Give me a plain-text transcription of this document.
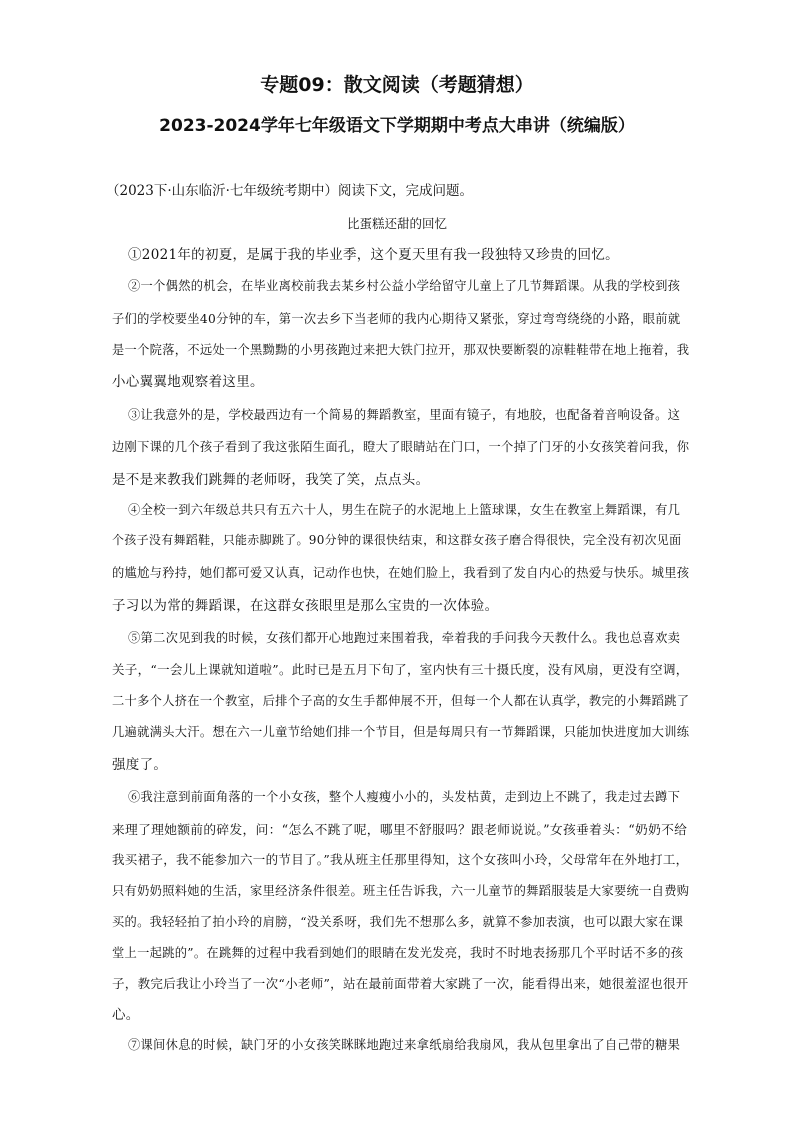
专题09：散文阅读（考题猜想）
2023-2024学年七年级语文下学期期中考点大串讲（统编版）
（2023下·山东临沂·七年级统考期中）阅读下文，完成问题。
比蛋糕还甜的回忆
①2021年的初夏，是属于我的毕业季，这个夏天里有我一段独特又珍贵的回忆。
②一个偶然的机会，在毕业离校前我去某乡村公益小学给留守儿童上了几节舞蹈课。从我的学校到孩
子们的学校要坐40分钟的车，第一次去乡下当老师的我内心期待又紧张，穿过弯弯绕绕的小路，眼前就
是一个院落，不远处一个黑黝黝的小男孩跑过来把大铁门拉开，那双快要断裂的凉鞋鞋带在地上拖着，我
小心翼翼地观察着这里。
③让我意外的是，学校最西边有一个简易的舞蹈教室，里面有镜子，有地胶，也配备着音响设备。这
边刚下课的几个孩子看到了我这张陌生面孔，瞪大了眼睛站在门口，一个掉了门牙的小女孩笑着问我，你
是不是来教我们跳舞的老师呀，我笑了笑，点点头。
④全校一到六年级总共只有五六十人，男生在院子的水泥地上上篮球课，女生在教室上舞蹈课，有几
个孩子没有舞蹈鞋，只能赤脚跳了。90分钟的课很快结束，和这群女孩子磨合得很快，完全没有初次见面
的尴尬与矜持，她们都可爱又认真，记动作也快，在她们脸上，我看到了发自内心的热爱与快乐。城里孩
子习以为常的舞蹈课，在这群女孩眼里是那么宝贵的一次体验。
⑤第二次见到我的时候，女孩们都开心地跑过来围着我，牵着我的手问我今天教什么。我也总喜欢卖
关子，“一会儿上课就知道啦”。此时已是五月下旬了，室内快有三十摄氏度，没有风扇，更没有空调，
二十多个人挤在一个教室，后排个子高的女生手都伸展不开，但每一个人都在认真学，教完的小舞蹈跳了
几遍就满头大汗。想在六一儿童节给她们排一个节目，但是每周只有一节舞蹈课，只能加快进度加大训练
强度了。
⑥我注意到前面角落的一个小女孩，整个人瘦瘦小小的，头发枯黄，走到边上不跳了，我走过去蹲下
来理了理她额前的碎发，问：“怎么不跳了呢，哪里不舒服吗？跟老师说说。”女孩垂着头：“奶奶不给
我买裙子，我不能参加六一的节目了。”我从班主任那里得知，这个女孩叫小玲，父母常年在外地打工，
只有奶奶照料她的生活，家里经济条件很差。班主任告诉我，六一儿童节的舞蹈服装是大家要统一自费购
买的。我轻轻拍了拍小玲的肩膀，“没关系呀，我们先不想那么多，就算不参加表演，也可以跟大家在课
堂上一起跳的”。在跳舞的过程中我看到她们的眼睛在发光发亮，我时不时地表扬那几个平时话不多的孩
子，教完后我让小玲当了一次“小老师”，站在最前面带着大家跳了一次，能看得出来，她很羞涩也很开
心。
⑦课间休息的时候，缺门牙的小女孩笑眯眯地跑过来拿纸扇给我扇风，我从包里拿出了自己带的糖果
